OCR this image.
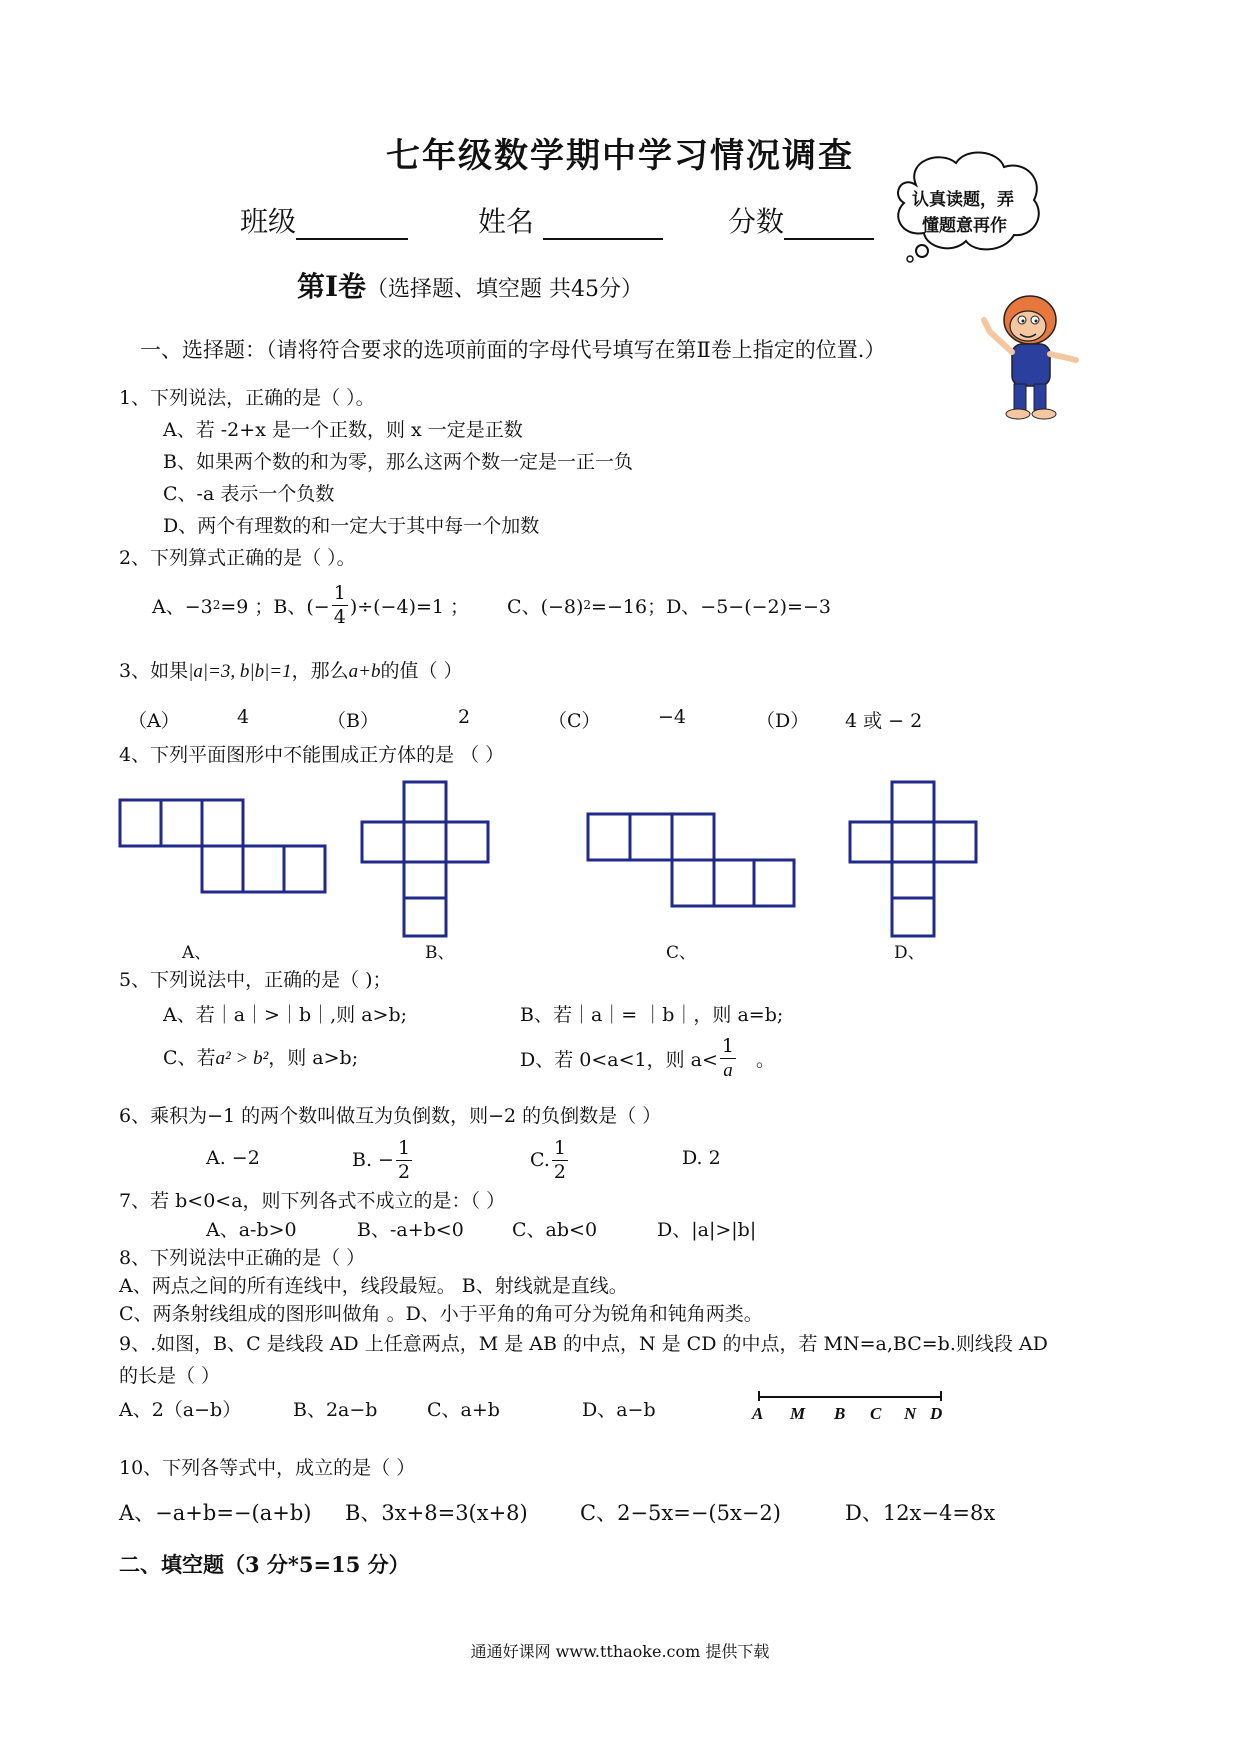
七年级数学期中学习情况调查
班级	姓名	分数
认真读题，弄
懂题意再作
第Ⅰ卷（选择题、填空题 共45分）
一、选择题：（请将符合要求的选项前面的字母代号填写在第Ⅱ卷上指定的位置.）
1、下列说法，正确的是（ ）。
A、若 -2+x 是一个正数，则 x 一定是正数
B、如果两个数的和为零，那么这两个数一定是一正一负
C、-a 表示一个负数
D、两个有理数的和一定大于其中每一个加数
2、下列算式正确的是（ ）。
A、−3 2 =9 ；B、(− $\frac{1}{4} )\div(-4)=1$ ； C、(−8) 2 =−16；D、−5−(−2)=−3
3、如果|a|=3, b|b|=1，那么a+b的值（ ）
（A）	4	（B）	2	（C）	−4	（D） 4 或 − 2
4、下列平面图形中不能围成正方体的是 （ ）
A、	B、	C、	D、
5、下列说法中，正确的是（ )；
A、若｜a｜>｜b｜,则 a>b;	B、若｜a｜= ｜b｜，则 a=b;
C、若a² > b²，则 a>b;	D、若 0<a<1，则 $a< \frac{1}{a}$ 。
6、乘积为−1 的两个数叫做互为负倒数，则−2 的负倒数是（ ）
A. −2	B. − $\frac{1}{2}$	C. $\frac{1}{2}$	D. 2
7、若 b<0<a，则下列各式不成立的是：（ ）
A、a-b>0	B、-a+b<0	C、ab<0	D、|a|>|b|
8、下列说法中正确的是（ ）
A、两点之间的所有连线中，线段最短。 B、射线就是直线。
C、两条射线组成的图形叫做角 。D、小于平角的角可分为锐角和钝角两类。
9、.如图，B、C 是线段 AD 上任意两点，M 是 AB 的中点，N 是 CD 的中点，若 MN=a,BC=b.则线段 AD
的长是（ ）
A、2（a−b）	B、2a−b	C、a+b	D、a−b	A M B C N D
10、下列各等式中，成立的是（ ）
A、−a+b=−(a+b) B、3x+8=3(x+8) C、2−5x=−(5x−2)	D、12x−4=8x
二、填空题（3 分*5=15 分）
通通好课网 www.tthaoke.com 提供下载
